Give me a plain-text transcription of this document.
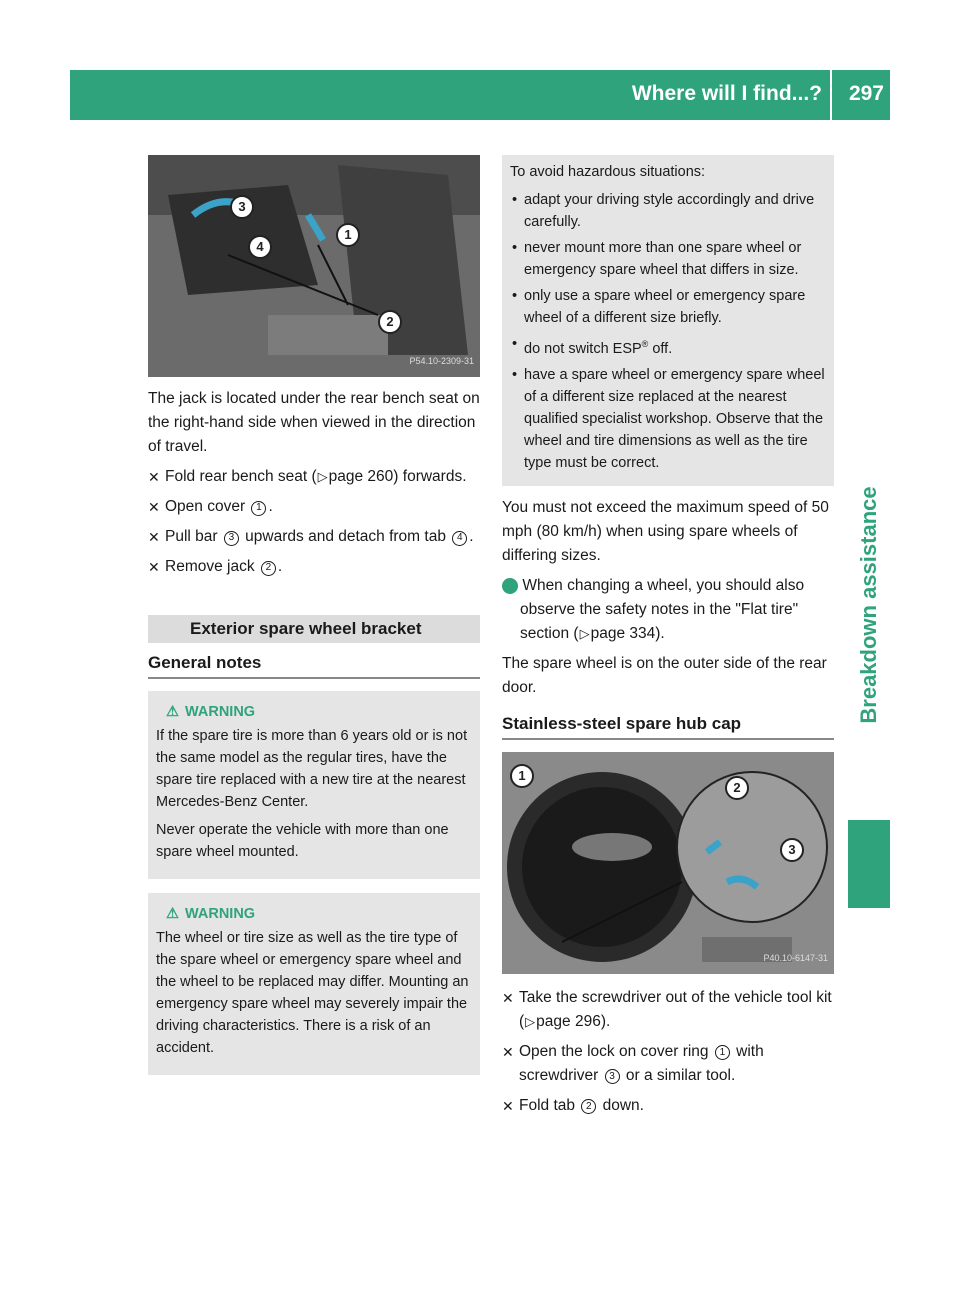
Where will I find...? 297
Breakdown assistance
3
4
1
2
P54.10-2309-31

The jack is located under the rear bench seat on the right-hand side when viewed in the direction of travel.

✕ Fold rear bench seat (▷page 260) forwards.
✕ Open cover 1 .
✕ Pull bar 3 upwards and detach from tab 4 .
✕ Remove jack 2 .
Exterior spare wheel bracket
General notes
⚠ WARNING

If the spare tire is more than 6 years old or is not the same model as the regular tires, have the spare tire replaced with a new tire at the nearest Mercedes-Benz Center.

Never operate the vehicle with more than one spare wheel mounted.

⚠ WARNING

The wheel or tire size as well as the tire type of the spare wheel or emergency spare wheel and the wheel to be replaced may differ. Mounting an emergency spare wheel may severely impair the driving characteristics. There is a risk of an accident.

To avoid hazardous situations:

• adapt your driving style accordingly and drive carefully.
• never mount more than one spare wheel or emergency spare wheel that differs in size.
• only use a spare wheel or emergency spare wheel of a different size briefly.
• do not switch ESP® off.
• have a spare wheel or emergency spare wheel of a different size replaced at the nearest qualified specialist workshop. Observe that the wheel and tire dimensions as well as the tire type must be correct.

You must not exceed the maximum speed of 50 mph (80 km/h) when using spare wheels of differing sizes.

i When changing a wheel, you should also observe the safety notes in the "Flat tire" section (▷page 334).

The spare wheel is on the outer side of the rear door.

Stainless-steel spare hub cap
1
2
3
P40.10-6147-31
✕ Take the screwdriver out of the vehicle tool kit (▷page 296).
✕ Open the lock on cover ring 1 with screwdriver 3 or a similar tool.
✕ Fold tab 2 down.
